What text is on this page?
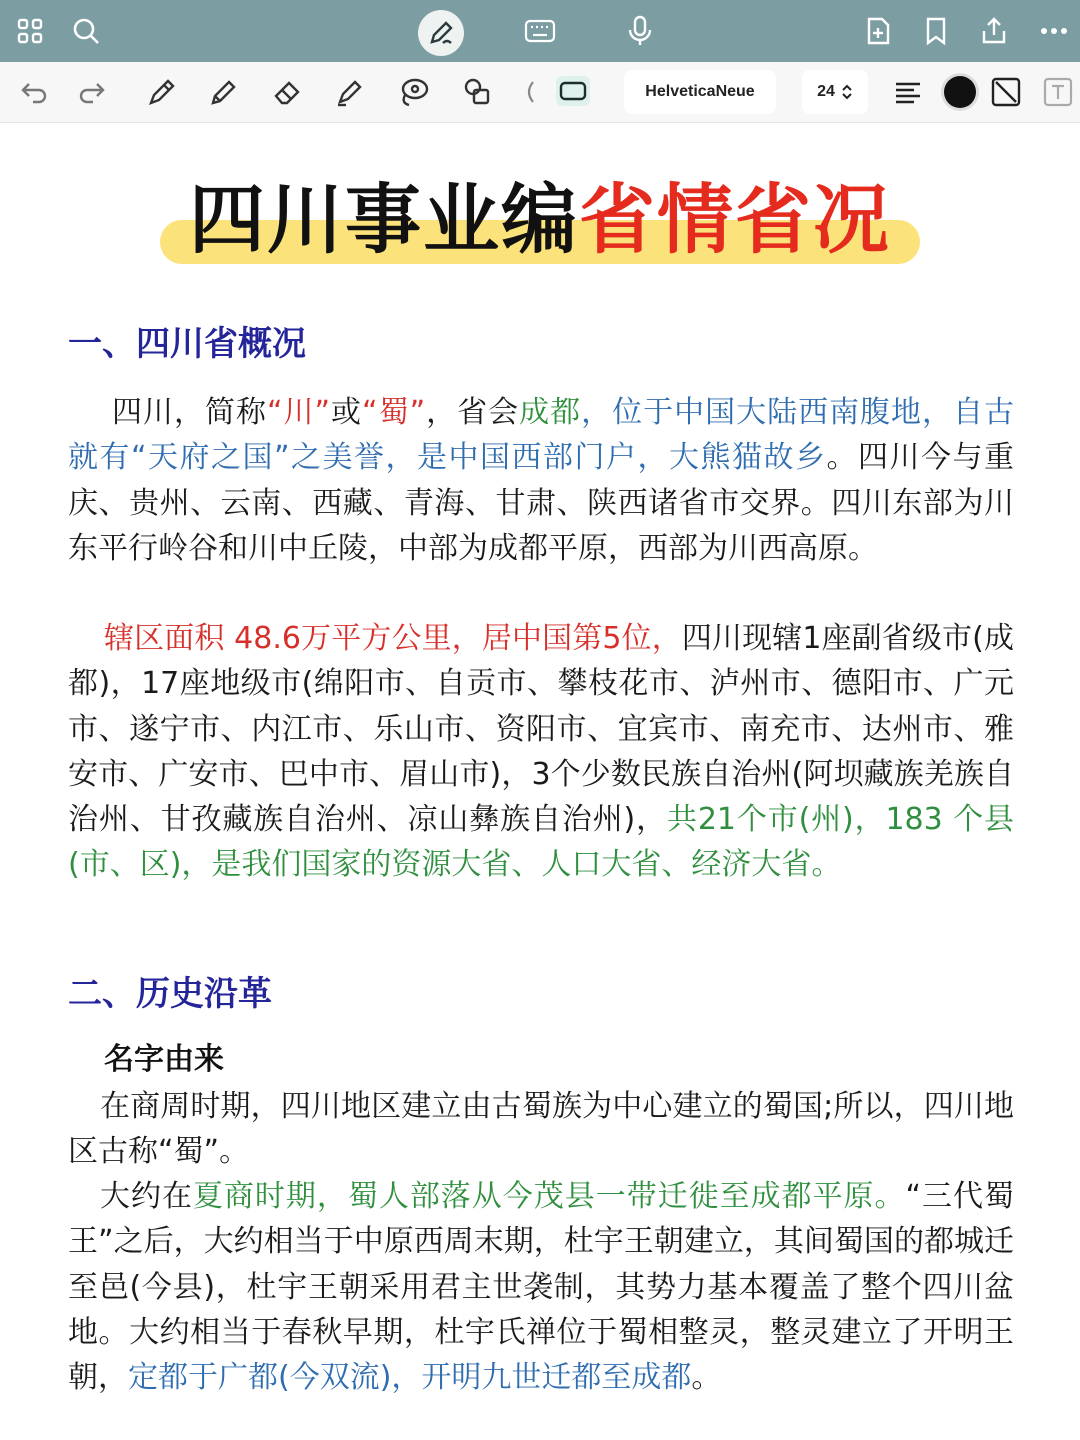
HelveticaNeue	24
四川事业编省情省况
一、四川省概况
四川，简称“川”或“蜀”，省会成都，位于中国大陆西南腹地，自古就有“天府之国”之美誉，是中国西部门户，大熊猫故乡。四川今与重庆、贵州、云南、西藏、青海、甘肃、陕西诸省市交界。四川东部为川东平行岭谷和川中丘陵，中部为成都平原，西部为川西高原。
辖区面积 48.6万平方公里，居中国第5位，四川现辖1座副省级市(成都)，17座地级市(绵阳市、自贡市、攀枝花市、泸州市、德阳市、广元市、遂宁市、内江市、乐山市、资阳市、宜宾市、南充市、达州市、雅安市、广安市、巴中市、眉山市)，3个少数民族自治州(阿坝藏族羌族自治州、甘孜藏族自治州、凉山彝族自治州)，共21个市(州)，183 个县(市、区)，是我们国家的资源大省、人口大省、经济大省。
二、历史沿革
名字由来
在商周时期，四川地区建立由古蜀族为中心建立的蜀国;所以，四川地区古称“蜀”。
大约在夏商时期，蜀人部落从今茂县一带迁徙至成都平原。“三代蜀王”之后，大约相当于中原西周末期，杜宇王朝建立，其间蜀国的都城迁至邑(今县)，杜宇王朝采用君主世袭制，其势力基本覆盖了整个四川盆地。大约相当于春秋早期，杜宇氏禅位于蜀相整灵，整灵建立了开明王朝，定都于广都(今双流)，开明九世迁都至成都。
